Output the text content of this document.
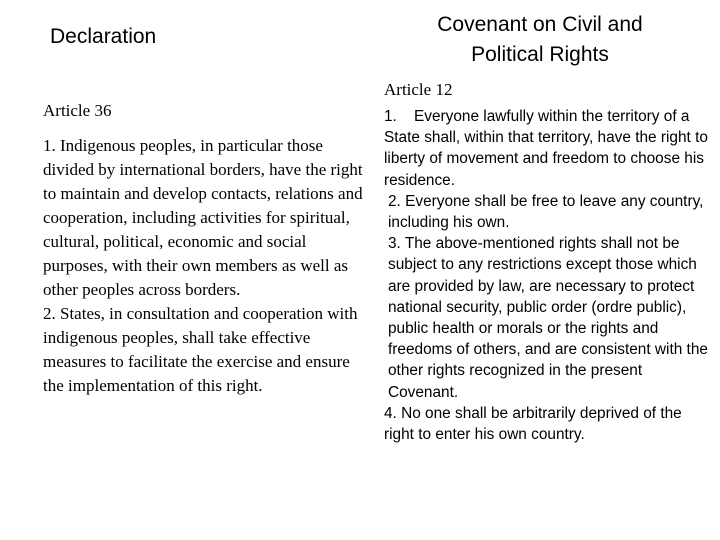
Declaration
Article 36
1. Indigenous peoples, in particular those divided by international borders, have the right to maintain and develop contacts, relations and cooperation, including activities for spiritual, cultural, political, economic and social purposes, with their own members as well as other peoples across borders.
2. States, in consultation and cooperation with indigenous peoples, shall take effective measures to facilitate the exercise and ensure the implementation of this right.
Covenant on Civil and Political Rights
Article 12
1. Everyone lawfully within the territory of a State shall, within that territory, have the right to liberty of movement and freedom to choose his residence.
2. Everyone shall be free to leave any country, including his own.
3. The above-mentioned rights shall not be subject to any restrictions except those which are provided by law, are necessary to protect national security, public order (ordre public), public health or morals or the rights and freedoms of others, and are consistent with the other rights recognized in the present Covenant.
4. No one shall be arbitrarily deprived of the right to enter his own country.
